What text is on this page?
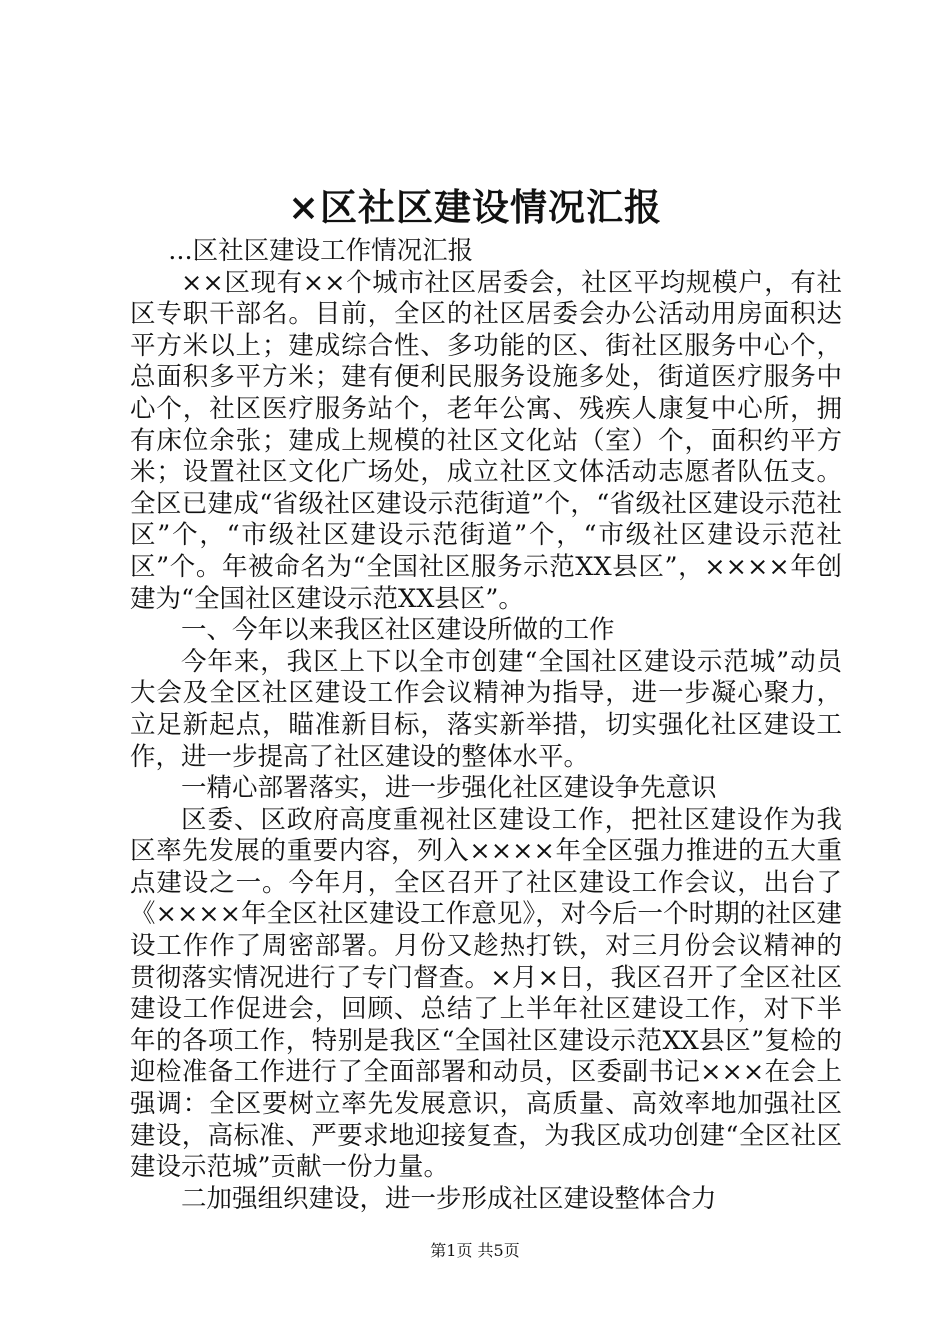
×区社区建设情况汇报

...区社区建设工作情况汇报

××区现有××个城市社区居委会，社区平均规模户，有社区专职干部名。目前，全区的社区居委会办公活动用房面积达平方米以上；建成综合性、多功能的区、街社区服务中心个，总面积多平方米；建有便利民服务设施多处，街道医疗服务中心个，社区医疗服务站个，老年公寓、残疾人康复中心所，拥有床位余张；建成上规模的社区文化站（室）个，面积约平方米；设置社区文化广场处，成立社区文体活动志愿者队伍支。全区已建成“省级社区建设示范街道”个，“省级社区建设示范社区”个，“市级社区建设示范街道”个，“市级社区建设示范社区”个。年被命名为“全国社区服务示范XX县区”，××××年创建为“全国社区建设示范XX县区”。

一、今年以来我区社区建设所做的工作

今年来，我区上下以全市创建“全国社区建设示范城”动员大会及全区社区建设工作会议精神为指导，进一步凝心聚力，立足新起点，瞄准新目标，落实新举措，切实强化社区建设工作，进一步提高了社区建设的整体水平。

一精心部署落实，进一步强化社区建设争先意识

区委、区政府高度重视社区建设工作，把社区建设作为我区率先发展的重要内容，列入××××年全区强力推进的五大重点建设之一。今年月，全区召开了社区建设工作会议，出台了《××××年全区社区建设工作意见》，对今后一个时期的社区建设工作作了周密部署。月份又趁热打铁，对三月份会议精神的贯彻落实情况进行了专门督查。×月×日，我区召开了全区社区建设工作促进会，回顾、总结了上半年社区建设工作，对下半年的各项工作，特别是我区“全国社区建设示范XX县区”复检的迎检准备工作进行了全面部署和动员，区委副书记×××在会上强调：全区要树立率先发展意识，高质量、高效率地加强社区建设，高标准、严要求地迎接复查，为我区成功创建“全区社区建设示范城”贡献一份力量。

二加强组织建设，进一步形成社区建设整体合力

第1页 共5页
